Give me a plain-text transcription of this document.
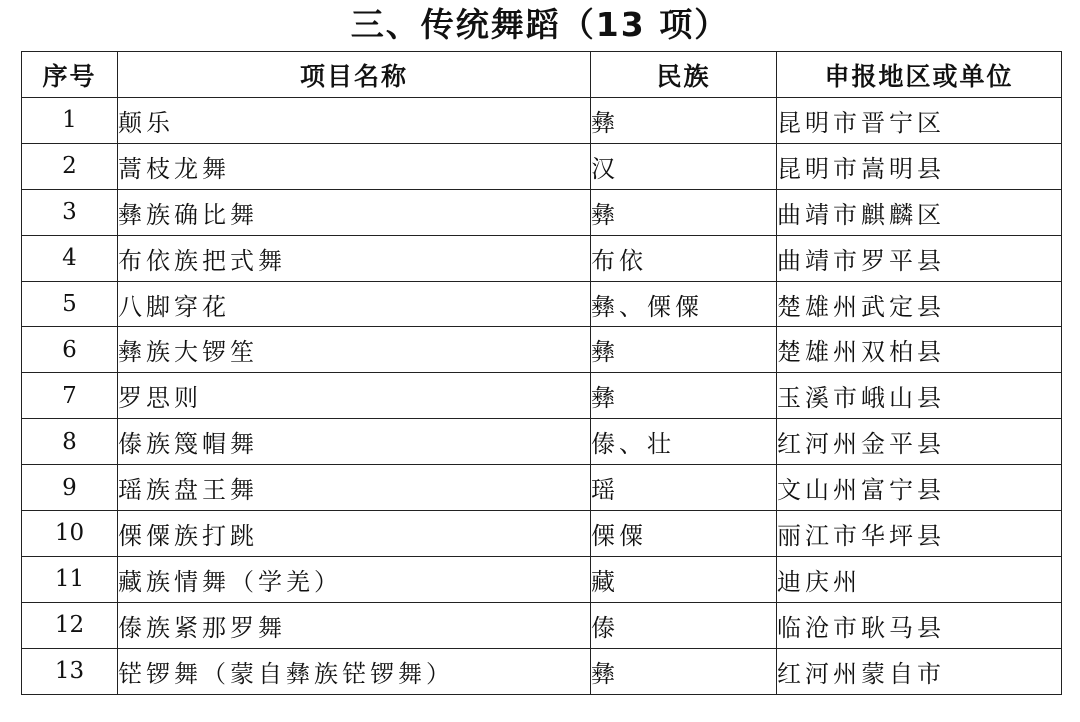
三、传统舞蹈（13 项）
序号	项目名称	民族	申报地区或单位
1	颠乐	彝	昆明市晋宁区
2	蒿枝龙舞	汉	昆明市嵩明县
3	彝族确比舞	彝	曲靖市麒麟区
4	布依族把式舞	布依	曲靖市罗平县
5	八脚穿花	彝、傈僳	楚雄州武定县
6	彝族大锣笙	彝	楚雄州双柏县
7	罗思则	彝	玉溪市峨山县
8	傣族篾帽舞	傣、壮	红河州金平县
9	瑶族盘王舞	瑶	文山州富宁县
10	傈僳族打跳	傈僳	丽江市华坪县
11	藏族情舞（学羌）	藏	迪庆州
12	傣族紧那罗舞	傣	临沧市耿马县
13	铓锣舞（蒙自彝族铓锣舞）	彝	红河州蒙自市
